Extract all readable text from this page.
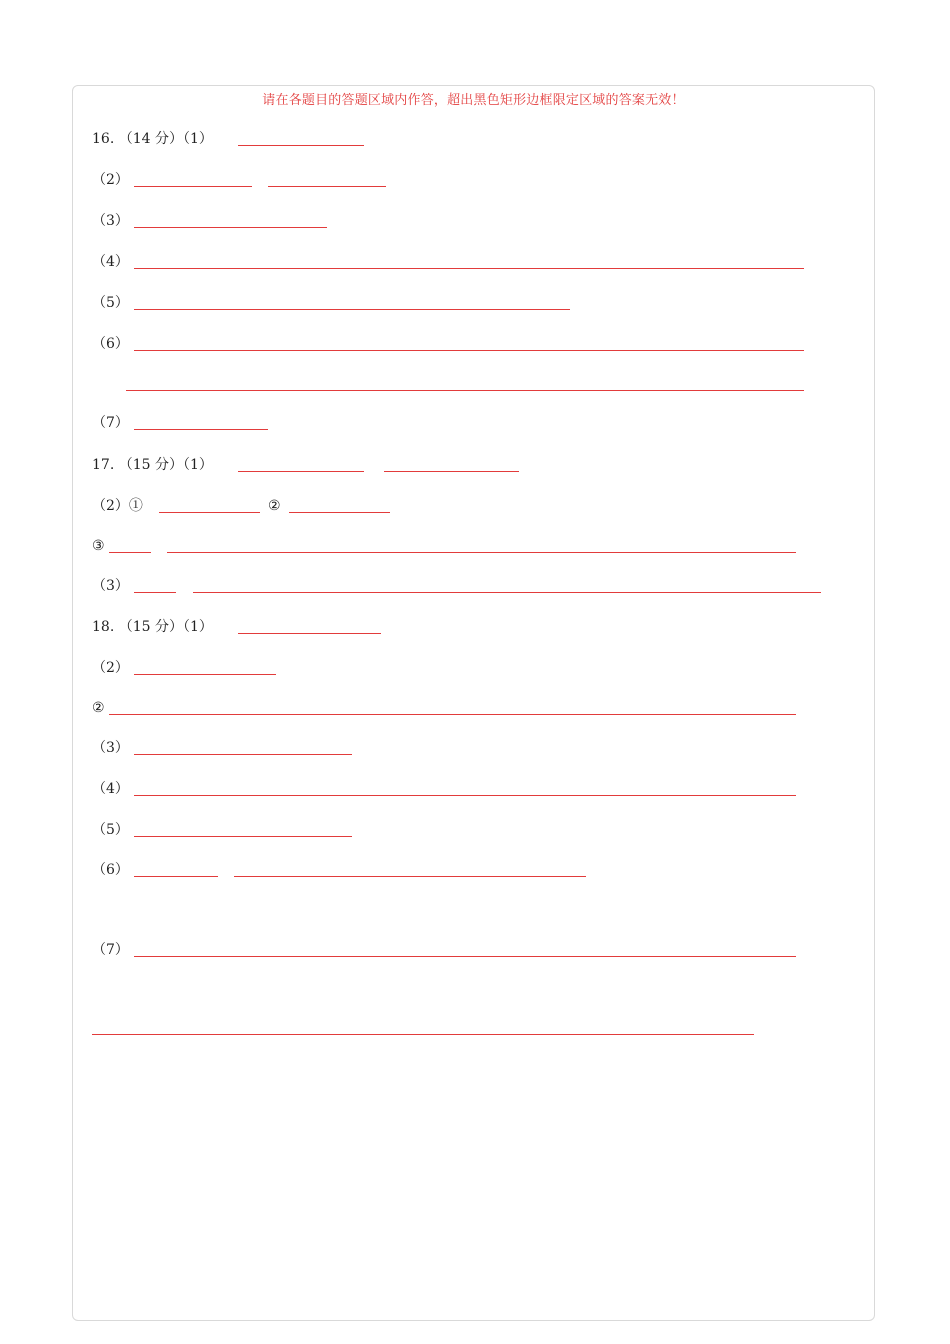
请在各题目的答题区域内作答，超出黑色矩形边框限定区域的答案无效！
16. （14 分）（1）
（2）
（3）
（4）
（5）
（6）
（7）
17. （15 分）（1）
（2）①	②
③
（3）
18. （15 分）（1）
（2）
②
（3）
（4）
（5）
（6）
（7）
